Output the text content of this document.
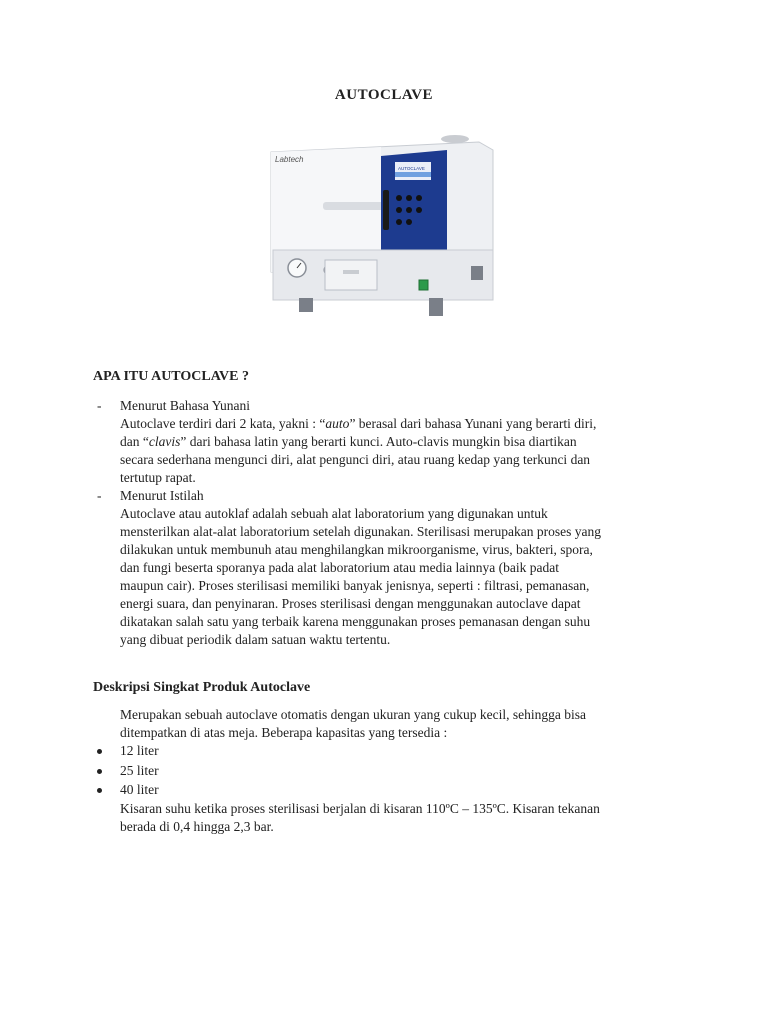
AUTOCLAVE
Labtech
AUTOCLAVE
APA ITU AUTOCLAVE ?
- Menurut Bahasa Yunani
Autoclave terdiri dari 2 kata, yakni : “auto” berasal dari bahasa Yunani yang berarti diri,
dan “clavis” dari bahasa latin yang berarti kunci. Auto-clavis mungkin bisa diartikan
secara sederhana mengunci diri, alat pengunci diri, atau ruang kedap yang terkunci dan
tertutup rapat.
- Menurut Istilah
Autoclave atau autoklaf adalah sebuah alat laboratorium yang digunakan untuk
mensterilkan alat-alat laboratorium setelah digunakan. Sterilisasi merupakan proses yang
dilakukan untuk membunuh atau menghilangkan mikroorganisme, virus, bakteri, spora,
dan fungi beserta sporanya pada alat laboratorium atau media lainnya (baik padat
maupun cair). Proses sterilisasi memiliki banyak jenisnya, seperti : filtrasi, pemanasan,
energi suara, dan penyinaran. Proses sterilisasi dengan menggunakan autoclave dapat
dikatakan salah satu yang terbaik karena menggunakan proses pemanasan dengan suhu
yang dibuat periodik dalam satuan waktu tertentu.
Deskripsi Singkat Produk Autoclave
Merupakan sebuah autoclave otomatis dengan ukuran yang cukup kecil, sehingga bisa
ditempatkan di atas meja. Beberapa kapasitas yang tersedia :
12 liter
25 liter
40 liter
Kisaran suhu ketika proses sterilisasi berjalan di kisaran 110ºC – 135ºC. Kisaran tekanan
berada di 0,4 hingga 2,3 bar.
